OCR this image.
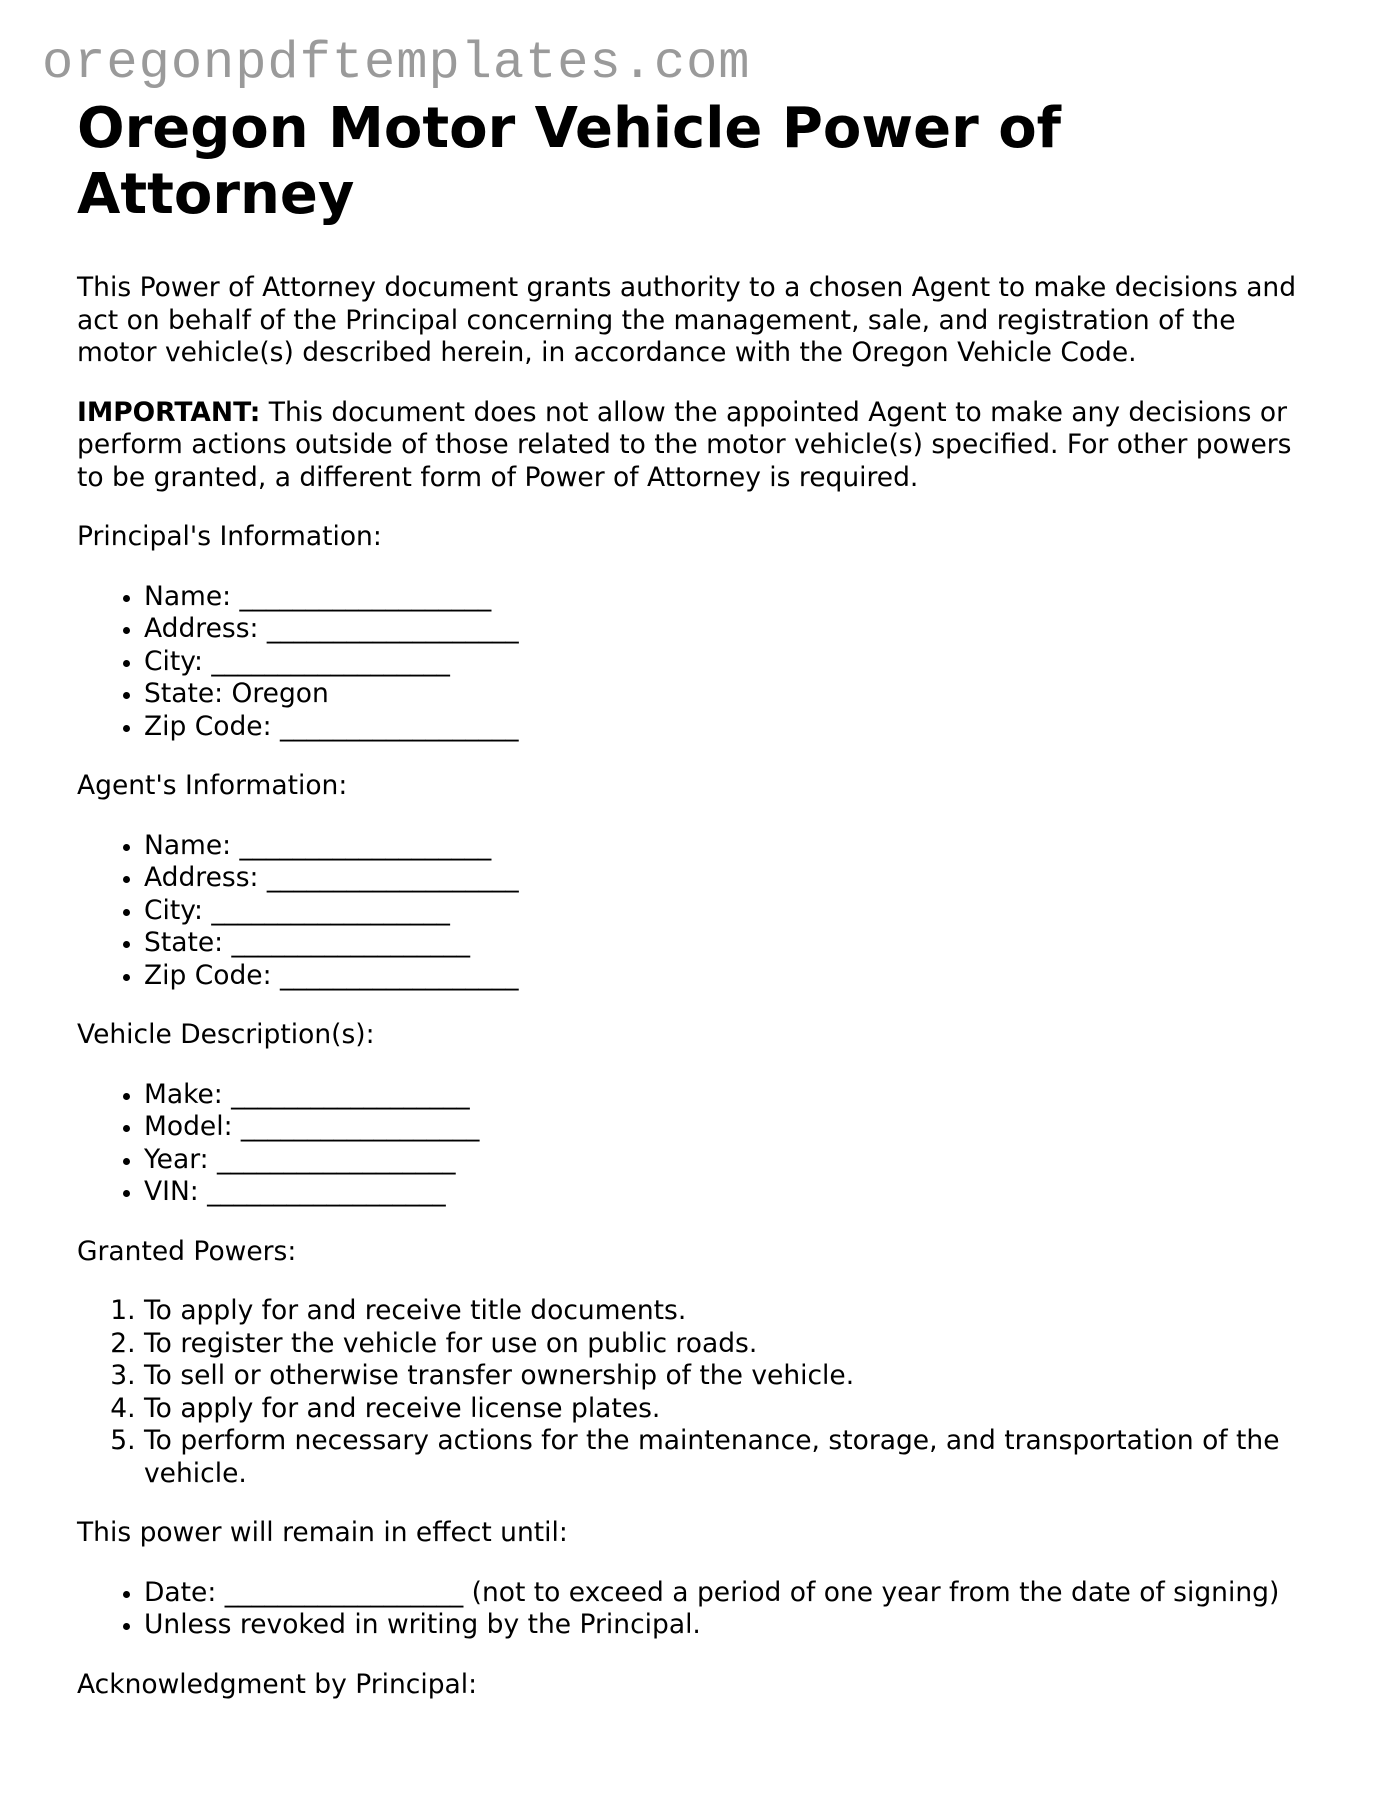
oregonpdftemplates.com
Oregon Motor Vehicle Power of Attorney

This Power of Attorney document grants authority to a chosen Agent to make decisions and act on behalf of the Principal concerning the management, sale, and registration of the motor vehicle(s) described herein, in accordance with the Oregon Vehicle Code.

IMPORTANT: This document does not allow the appointed Agent to make any decisions or perform actions outside of those related to the motor vehicle(s) specified. For other powers to be granted, a different form of Power of Attorney is required.

Principal's Information:

• Name: ___________________
• Address: ___________________
• City: __________________
• State: Oregon
• Zip Code: __________________

Agent's Information:

• Name: ___________________
• Address: ___________________
• City: __________________
• State: __________________
• Zip Code: __________________

Vehicle Description(s):

• Make: __________________
• Model: __________________
• Year: __________________
• VIN: __________________

Granted Powers:

1. To apply for and receive title documents.
2. To register the vehicle for use on public roads.
3. To sell or otherwise transfer ownership of the vehicle.
4. To apply for and receive license plates.
5. To perform necessary actions for the maintenance, storage, and transportation of the vehicle.

This power will remain in effect until:

• Date: __________________ (not to exceed a period of one year from the date of signing)
• Unless revoked in writing by the Principal.

Acknowledgment by Principal:
